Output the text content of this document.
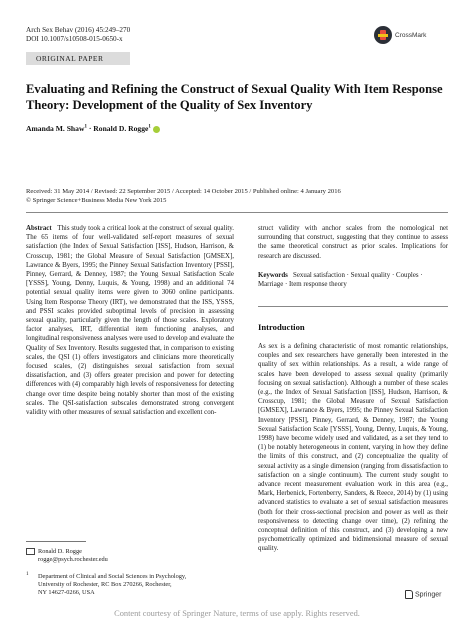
Arch Sex Behav (2016) 45:249–270
DOI 10.1007/s10508-015-0650-x
ORIGINAL PAPER
CrossMark
Evaluating and Refining the Construct of Sexual Quality With Item Response Theory: Development of the Quality of Sex Inventory
Amanda M. Shaw$^1$ · Ronald D. Rogge$^1$
Received: 31 May 2014 / Revised: 22 September 2015 / Accepted: 14 October 2015 / Published online: 4 January 2016
© Springer Science+Business Media New York 2015

Abstract This study took a critical look at the construct of sexual quality. The 65 items of four well-validated self-report measures of sexual satisfaction (the Index of Sexual Satisfaction [ISS], Hudson, Harrison, & Crosscup, 1981; the Global Measure of Sexual Satisfaction [GMSEX], Lawrance & Byers, 1995; the Pinney Sexual Satisfaction Inventory [PSSI], Pinney, Gerrard, & Denney, 1987; the Young Sexual Satisfaction Scale [YSSS], Young, Denny, Luquis, & Young, 1998) and an additional 74 potential sexual quality items were given to 3060 online participants. Using Item Response Theory (IRT), we demonstrated that the ISS, YSSS, and PSSI scales provided suboptimal levels of precision in assessing sexual quality, particularly given the length of those scales. Exploratory factor analyses, IRT, differential item functioning analyses, and longitudinal responsiveness analyses were used to develop and evaluate the Quality of Sex Inventory. Results suggested that, in comparison to existing scales, the QSI (1) offers investigators and clinicians more theoretically focused scales, (2) distinguishes sexual satisfaction from sexual dissatisfaction, and (3) offers greater precision and power for detecting differences with (4) comparably high levels of responsiveness for detecting change over time despite being notably shorter than most of the existing scales. The QSI-satisfaction subscales demonstrated strong convergent validity with other measures of sexual satisfaction and excellent con-

struct validity with anchor scales from the nomological net surrounding that construct, suggesting that they continue to assess the same theoretical construct as prior scales. Implications for research are discussed.

Keywords Sexual satisfaction · Sexual quality · Couples · Marriage · Item response theory

Introduction
As sex is a defining characteristic of most romantic relationships, couples and sex researchers have generally been interested in the quality of sex within relationships. As a result, a wide range of scales have been developed to assess sexual quality (primarily focusing on sexual satisfaction). Although a number of these scales (e.g., the Index of Sexual Satisfaction [ISS], Hudson, Harrison, & Crosscup, 1981; the Global Measure of Sexual Satisfaction [GMSEX], Lawrance & Byers, 1995; the Pinney Sexual Satisfaction Inventory [PSSI], Pinney, Gerrard, & Denney, 1987; the Young Sexual Satisfaction Scale [YSSS], Young, Denny, Luquis, & Young, 1998) have become widely used and validated, as a set they tend to (1) be notably heterogeneous in content, varying in how they define the limits of this construct, and (2) conceptualize the quality of sexual activity as a single dimension (ranging from dissatisfaction to satisfaction on a single continuum). The current study sought to advance recent measurement evaluation work in this area (e.g., Mark, Herbenick, Fortenberry, Sanders, & Reece, 2014) by (1) using advanced statistics to evaluate a set of sexual satisfaction measures (both for their cross-sectional precision and power as well as their responsiveness to detecting change over time), (2) refining the conceptual definition of this construct, and (3) developing a new psychometrically optimized and bidimensional measure of sexual quality.
Ronald D. Rogge
rogge@psych.rochester.edu
$^1$ Department of Clinical and Social Sciences in Psychology,
University of Rochester, RC Box 270266, Rochester,
NY 14627-0266, USA	Springer
Content courtesy of Springer Nature, terms of use apply. Rights reserved.
